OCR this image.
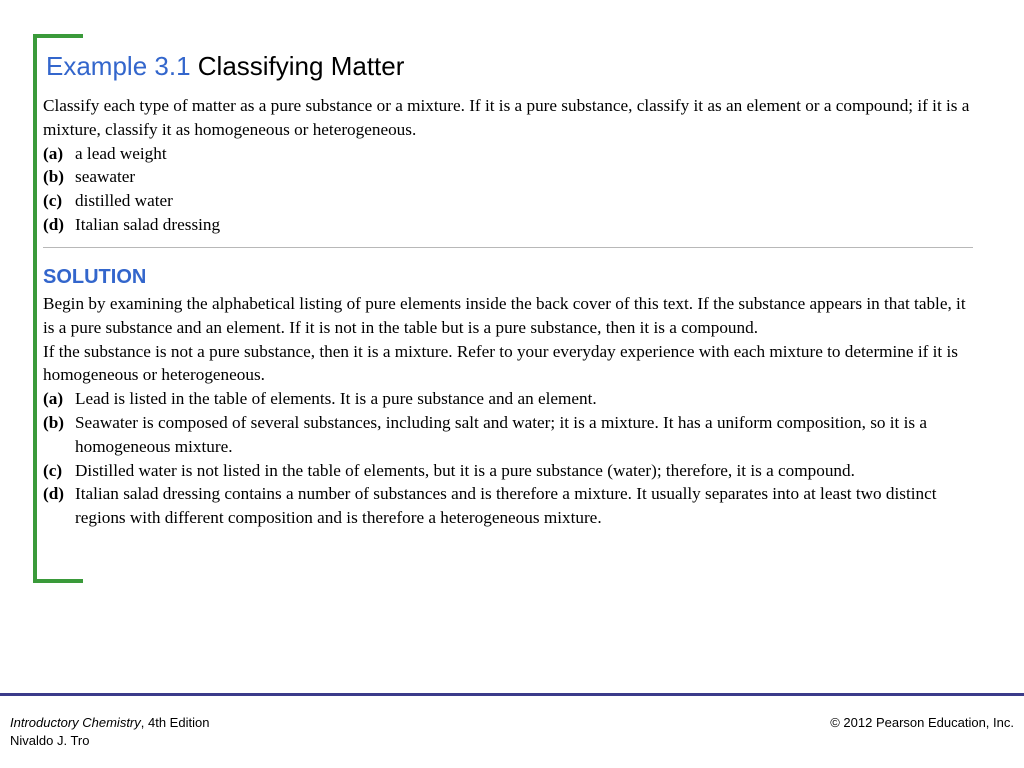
Example 3.1 Classifying Matter

Classify each type of matter as a pure substance or a mixture. If it is a pure substance, classify it as an element or a compound; if it is a mixture, classify it as homogeneous or heterogeneous.

(a) a lead weight
(b) seawater
(c) distilled water
(d) Italian salad dressing
SOLUTION

Begin by examining the alphabetical listing of pure elements inside the back cover of this text. If the substance appears in that table, it is a pure substance and an element. If it is not in the table but is a pure substance, then it is a compound.

If the substance is not a pure substance, then it is a mixture. Refer to your everyday experience with each mixture to determine if it is homogeneous or heterogeneous.

(a) Lead is listed in the table of elements. It is a pure substance and an element.
(b) Seawater is composed of several substances, including salt and water; it is a mixture. It has a uniform composition, so it is a homogeneous mixture.
(c) Distilled water is not listed in the table of elements, but it is a pure substance (water); therefore, it is a compound.
(d) Italian salad dressing contains a number of substances and is therefore a mixture. It usually separates into at least two distinct regions with different composition and is therefore a heterogeneous mixture.
Introductory Chemistry, 4th Edition
Nivaldo J. Tro
© 2012 Pearson Education, Inc.
